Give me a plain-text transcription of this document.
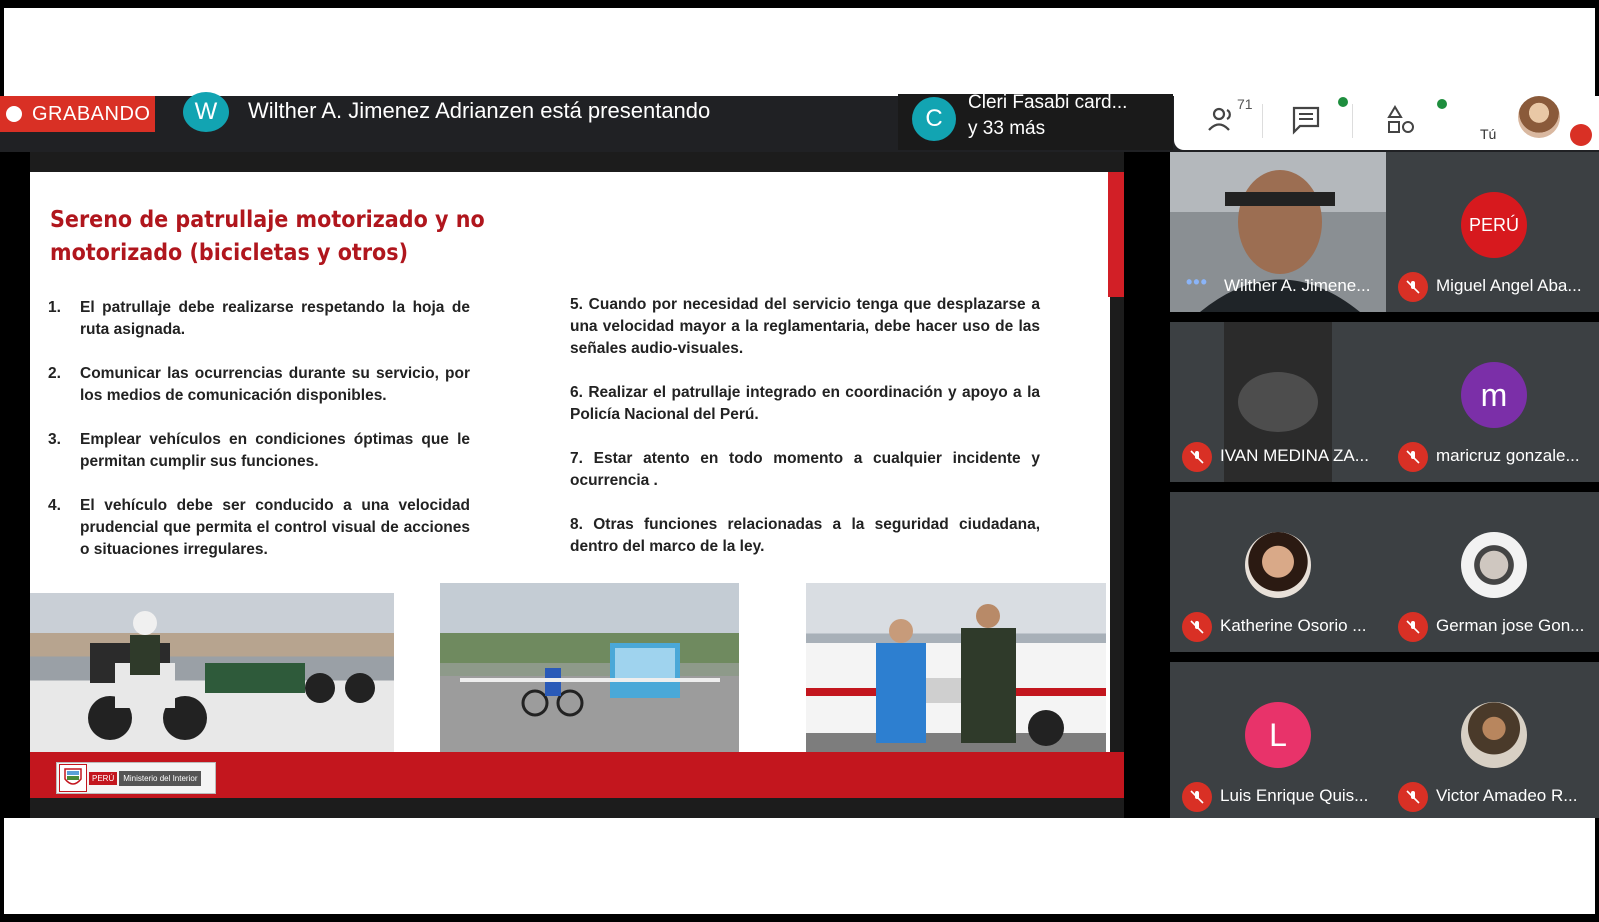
GRABANDO	W	Wilther A. Jimenez Adrianzen está presentando	C
Cleri Fasabi card...
y 33 más
71
Tú
Sereno de patrullaje motorizado y no motorizado (bicicletas y otros)
1.	El patrullaje debe realizarse respetando la hoja de ruta asignada.
2.	Comunicar las ocurrencias durante su servicio, por los medios de comunicación disponibles.
3.	Emplear vehículos en condiciones óptimas que le permitan cumplir sus funciones.
4.	El vehículo debe ser conducido a una velocidad prudencial que permita el control visual de acciones o situaciones irregulares.
5. Cuando por necesidad del servicio tenga que desplazarse a una velocidad mayor a la reglamentaria, debe hacer uso de las señales audio-visuales.
6. Realizar el patrullaje integrado en coordinación y apoyo a la Policía Nacional del Perú.
7. Estar atento en todo momento a cualquier incidente y ocurrencia .
8. Otras funciones relacionadas a la seguridad ciudadana, dentro del marco de la ley.
PERÚ	Ministerio del Interior
••• Wilther A. Jimene...
PERÚ
Miguel Angel Aba...
IVAN MEDINA ZA...
m
maricruz gonzale...
Katherine Osorio ...	German jose Gon...
L
Luis Enrique Quis...	Victor Amadeo R...
